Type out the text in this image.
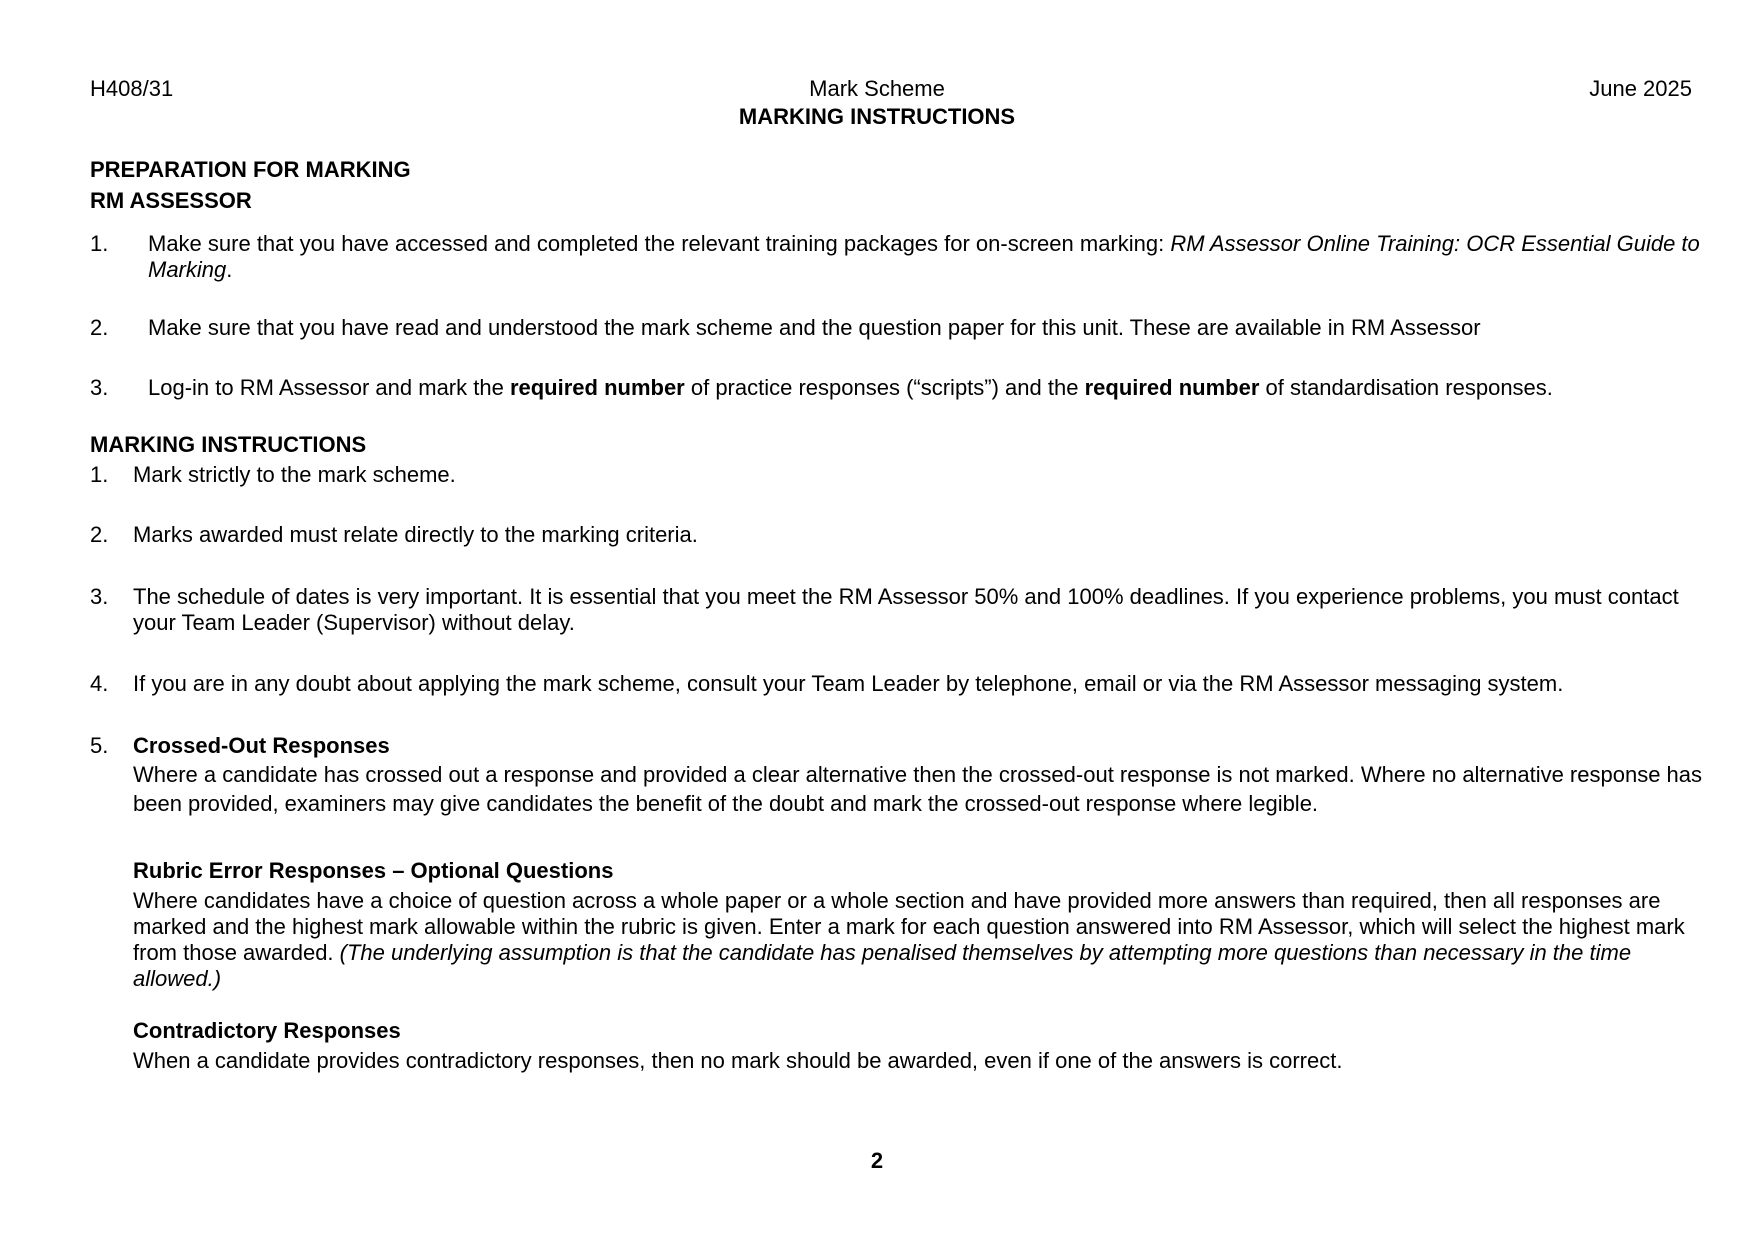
H408/31	Mark Scheme	June 2025
MARKING INSTRUCTIONS
PREPARATION FOR MARKING
RM ASSESSOR
1. Make sure that you have accessed and completed the relevant training packages for on-screen marking: RM Assessor Online Training: OCR Essential Guide to Marking.
2. Make sure that you have read and understood the mark scheme and the question paper for this unit. These are available in RM Assessor
3. Log-in to RM Assessor and mark the required number of practice responses (“scripts”) and the required number of standardisation responses.
MARKING INSTRUCTIONS
1. Mark strictly to the mark scheme.
2. Marks awarded must relate directly to the marking criteria.
3. The schedule of dates is very important. It is essential that you meet the RM Assessor 50% and 100% deadlines. If you experience problems, you must contact your Team Leader (Supervisor) without delay.
4. If you are in any doubt about applying the mark scheme, consult your Team Leader by telephone, email or via the RM Assessor messaging system.
5. Crossed-Out Responses
Where a candidate has crossed out a response and provided a clear alternative then the crossed-out response is not marked. Where no alternative response has been provided, examiners may give candidates the benefit of the doubt and mark the crossed-out response where legible.
Rubric Error Responses – Optional Questions
Where candidates have a choice of question across a whole paper or a whole section and have provided more answers than required, then all responses are marked and the highest mark allowable within the rubric is given. Enter a mark for each question answered into RM Assessor, which will select the highest mark from those awarded. (The underlying assumption is that the candidate has penalised themselves by attempting more questions than necessary in the time allowed.)
Contradictory Responses
When a candidate provides contradictory responses, then no mark should be awarded, even if one of the answers is correct.
2
